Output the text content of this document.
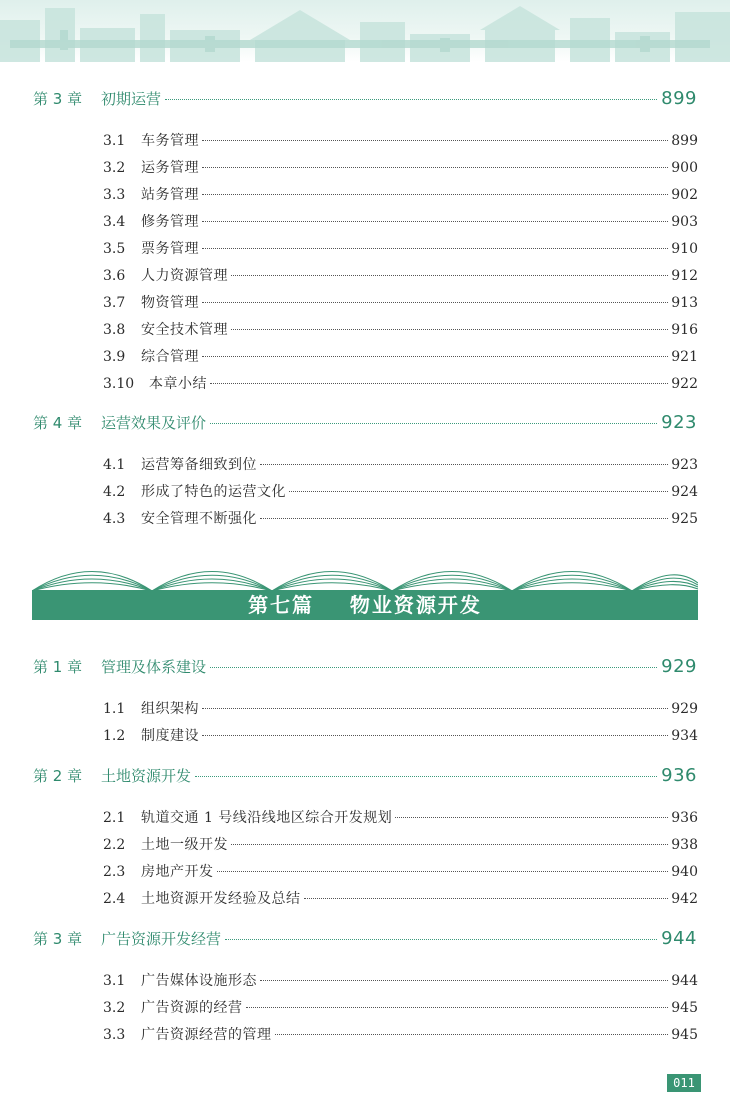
第 3 章	初期运营	899
3.1	车务管理	899
3.2	运务管理	900
3.3	站务管理	902
3.4	修务管理	903
3.5	票务管理	910
3.6	人力资源管理	912
3.7	物资管理	913
3.8	安全技术管理	916
3.9	综合管理	921
3.10	本章小结	922
第 4 章	运营效果及评价	923
4.1	运营筹备细致到位	923
4.2	形成了特色的运营文化	924
4.3	安全管理不断强化	925
第七篇    物业资源开发
第 1 章	管理及体系建设	929
1.1	组织架构	929
1.2	制度建设	934
第 2 章	土地资源开发	936
2.1	轨道交通 1 号线沿线地区综合开发规划	936
2.2	土地一级开发	938
2.3	房地产开发	940
2.4	土地资源开发经验及总结	942
第 3 章	广告资源开发经营	944
3.1	广告媒体设施形态	944
3.2	广告资源的经营	945
3.3	广告资源经营的管理	945
011
